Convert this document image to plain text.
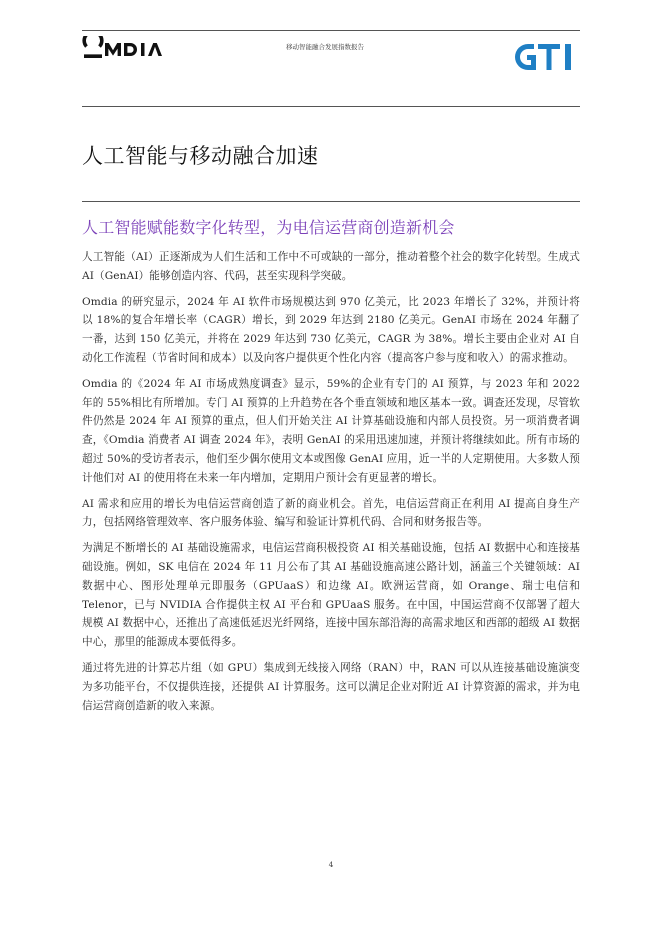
移动智能融合发展指数报告
人工智能与移动融合加速
人工智能赋能数字化转型，为电信运营商创造新机会

人工智能（AI）正逐渐成为人们生活和工作中不可或缺的一部分，推动着整个社会的数字化转型。生成式 AI（GenAI）能够创造内容、代码，甚至实现科学突破。

Omdia 的研究显示，2024 年 AI 软件市场规模达到 970 亿美元，比 2023 年增长了 32%，并预计将以 18%的复合年增长率（CAGR）增长，到 2029 年达到 2180 亿美元。GenAI 市场在 2024 年翻了一番，达到 150 亿美元，并将在 2029 年达到 730 亿美元，CAGR 为 38%。增长主要由企业对 AI 自动化工作流程（节省时间和成本）以及向客户提供更个性化内容（提高客户参与度和收入）的需求推动。

Omdia 的《2024 年 AI 市场成熟度调查》显示，59%的企业有专门的 AI 预算，与 2023 年和 2022 年的 55%相比有所增加。专门 AI 预算的上升趋势在各个垂直领域和地区基本一致。调查还发现，尽管软件仍然是 2024 年 AI 预算的重点，但人们开始关注 AI 计算基础设施和内部人员投资。另一项消费者调查，《Omdia 消费者 AI 调查 2024 年》，表明 GenAI 的采用迅速加速，并预计将继续如此。所有市场的超过 50%的受访者表示，他们至少偶尔使用文本或图像 GenAI 应用，近一半的人定期使用。大多数人预计他们对 AI 的使用将在未来一年内增加，定期用户预计会有更显著的增长。

AI 需求和应用的增长为电信运营商创造了新的商业机会。首先，电信运营商正在利用 AI 提高自身生产力，包括网络管理效率、客户服务体验、编写和验证计算机代码、合同和财务报告等。

为满足不断增长的 AI 基础设施需求，电信运营商积极投资 AI 相关基础设施，包括 AI 数据中心和连接基础设施。例如，SK 电信在 2024 年 11 月公布了其 AI 基础设施高速公路计划，涵盖三个关键领域：AI 数据中心、图形处理单元即服务（GPUaaS）和边缘 AI。欧洲运营商，如 Orange、瑞士电信和 Telenor，已与 NVIDIA 合作提供主权 AI 平台和 GPUaaS 服务。在中国，中国运营商不仅部署了超大规模 AI 数据中心，还推出了高速低延迟光纤网络，连接中国东部沿海的高需求地区和西部的超级 AI 数据中心，那里的能源成本要低得多。

通过将先进的计算芯片组（如 GPU）集成到无线接入网络（RAN）中，RAN 可以从连接基础设施演变为多功能平台，不仅提供连接，还提供 AI 计算服务。这可以满足企业对附近 AI 计算资源的需求，并为电信运营商创造新的收入来源。

4
